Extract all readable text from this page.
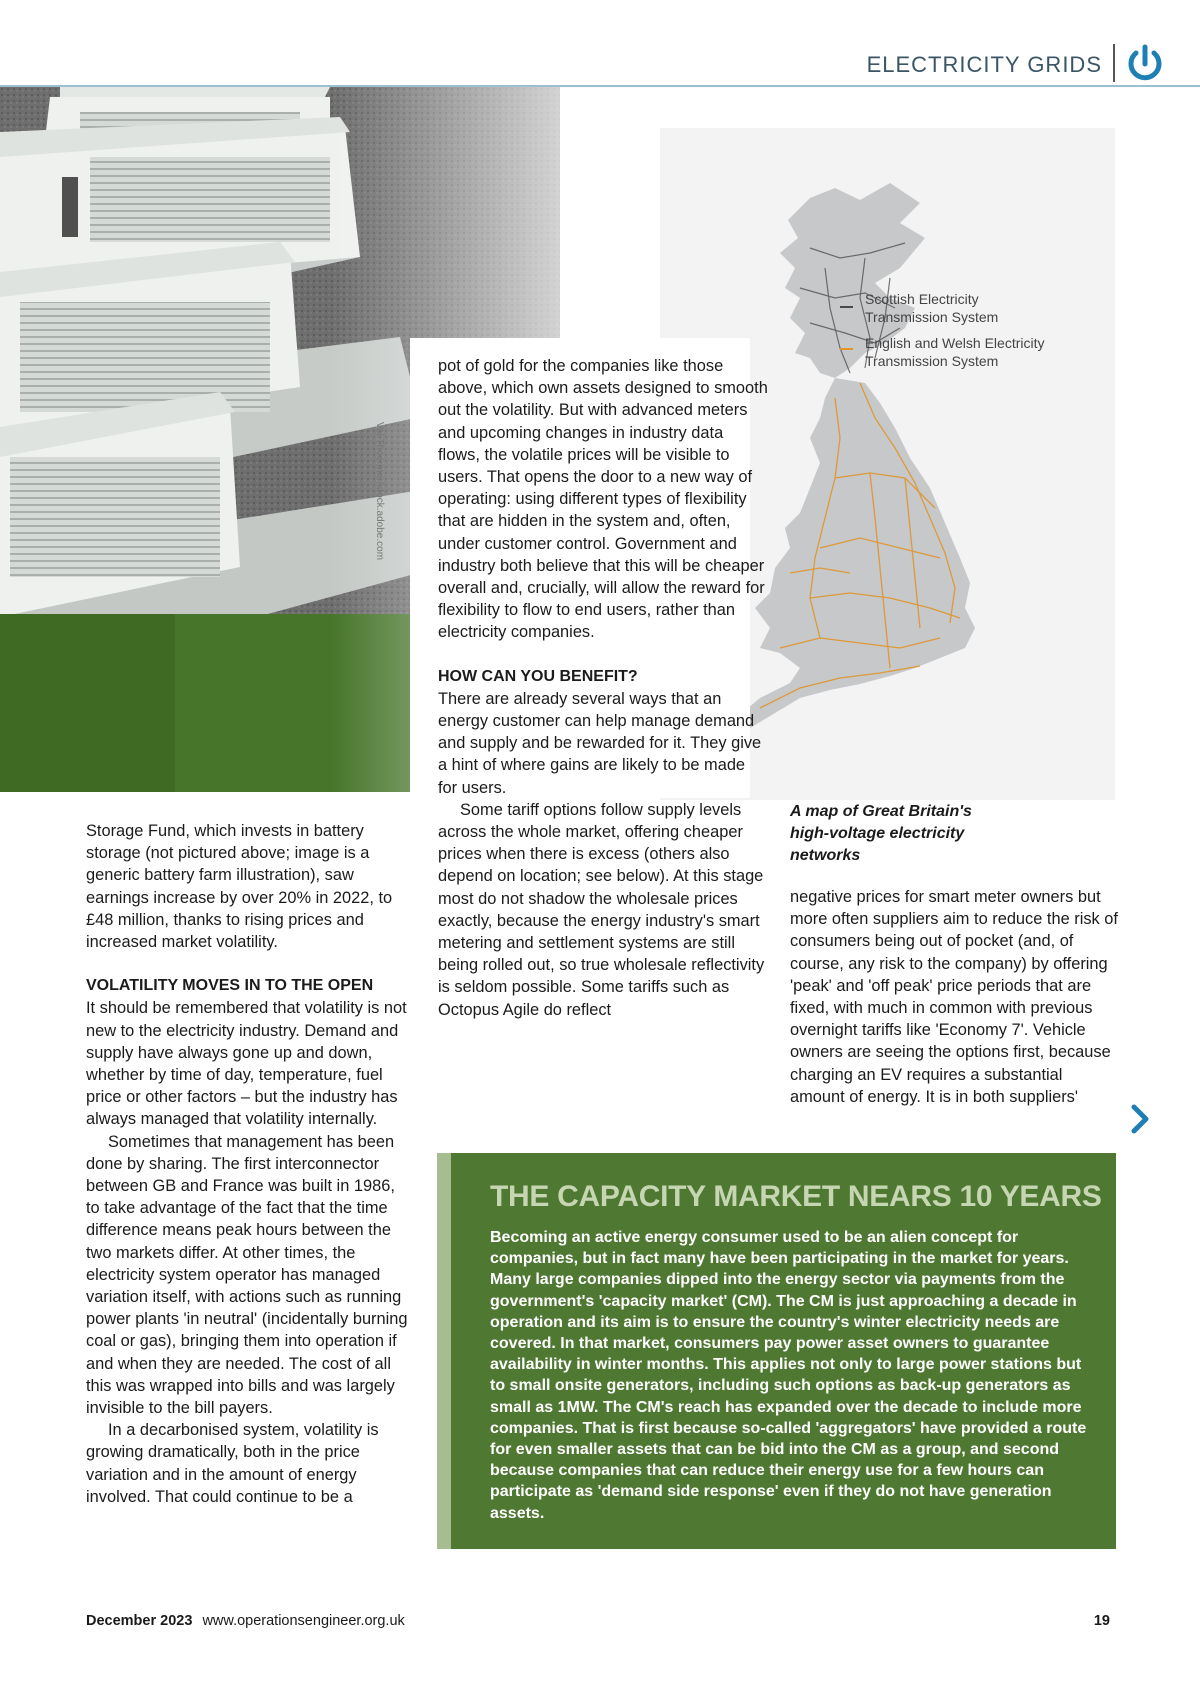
ELECTRICITY GRIDS
Val Thoermer/stock.adobe.com
Scottish Electricity
Transmission System
English and Welsh Electricity
Transmission System
A map of Great Britain's high-voltage electricity networks

Storage Fund, which invests in battery storage (not pictured above; image is a generic battery farm illustration), saw earnings increase by over 20% in 2022, to £48 million, thanks to rising prices and increased market volatility.

VOLATILITY MOVES IN TO THE OPEN

It should be remembered that volatility is not new to the electricity industry. Demand and supply have always gone up and down, whether by time of day, temperature, fuel price or other factors – but the industry has always managed that volatility internally.

Sometimes that management has been done by sharing. The first interconnector between GB and France was built in 1986, to take advantage of the fact that the time difference means peak hours between the two markets differ. At other times, the electricity system operator has managed variation itself, with actions such as running power plants 'in neutral' (incidentally burning coal or gas), bringing them into operation if and when they are needed. The cost of all this was wrapped into bills and was largely invisible to the bill payers.

In a decarbonised system, volatility is growing dramatically, both in the price variation and in the amount of energy involved. That could continue to be a

pot of gold for the companies like those above, which own assets designed to smooth out the volatility. But with advanced meters and upcoming changes in industry data flows, the volatile prices will be visible to users. That opens the door to a new way of operating: using different types of flexibility that are hidden in the system and, often, under customer control. Government and industry both believe that this will be cheaper overall and, crucially, will allow the reward for flexibility to flow to end users, rather than electricity companies.

HOW CAN YOU BENEFIT?

There are already several ways that an energy customer can help manage demand and supply and be rewarded for it. They give a hint of where gains are likely to be made for users.

Some tariff options follow supply levels across the whole market, offering cheaper prices when there is excess (others also depend on location; see below). At this stage most do not shadow the wholesale prices exactly, because the energy industry's smart metering and settlement systems are still being rolled out, so true wholesale reflectivity is seldom possible. Some tariffs such as Octopus Agile do reflect

negative prices for smart meter owners but more often suppliers aim to reduce the risk of consumers being out of pocket (and, of course, any risk to the company) by offering 'peak' and 'off peak' price periods that are fixed, with much in common with previous overnight tariffs like 'Economy 7'. Vehicle owners are seeing the options first, because charging an EV requires a substantial amount of energy. It is in both suppliers'

THE CAPACITY MARKET NEARS 10 YEARS

Becoming an active energy consumer used to be an alien concept for companies, but in fact many have been participating in the market for years. Many large companies dipped into the energy sector via payments from the government's 'capacity market' (CM). The CM is just approaching a decade in operation and its aim is to ensure the country's winter electricity needs are covered. In that market, consumers pay power asset owners to guarantee availability in winter months. This applies not only to large power stations but to small onsite generators, including such options as back-up generators as small as 1MW. The CM's reach has expanded over the decade to include more companies. That is first because so-called 'aggregators' have provided a route for even smaller assets that can be bid into the CM as a group, and second because companies that can reduce their energy use for a few hours can participate as 'demand side response' even if they do not have generation assets.

December 2023 www.operationsengineer.org.uk	19
